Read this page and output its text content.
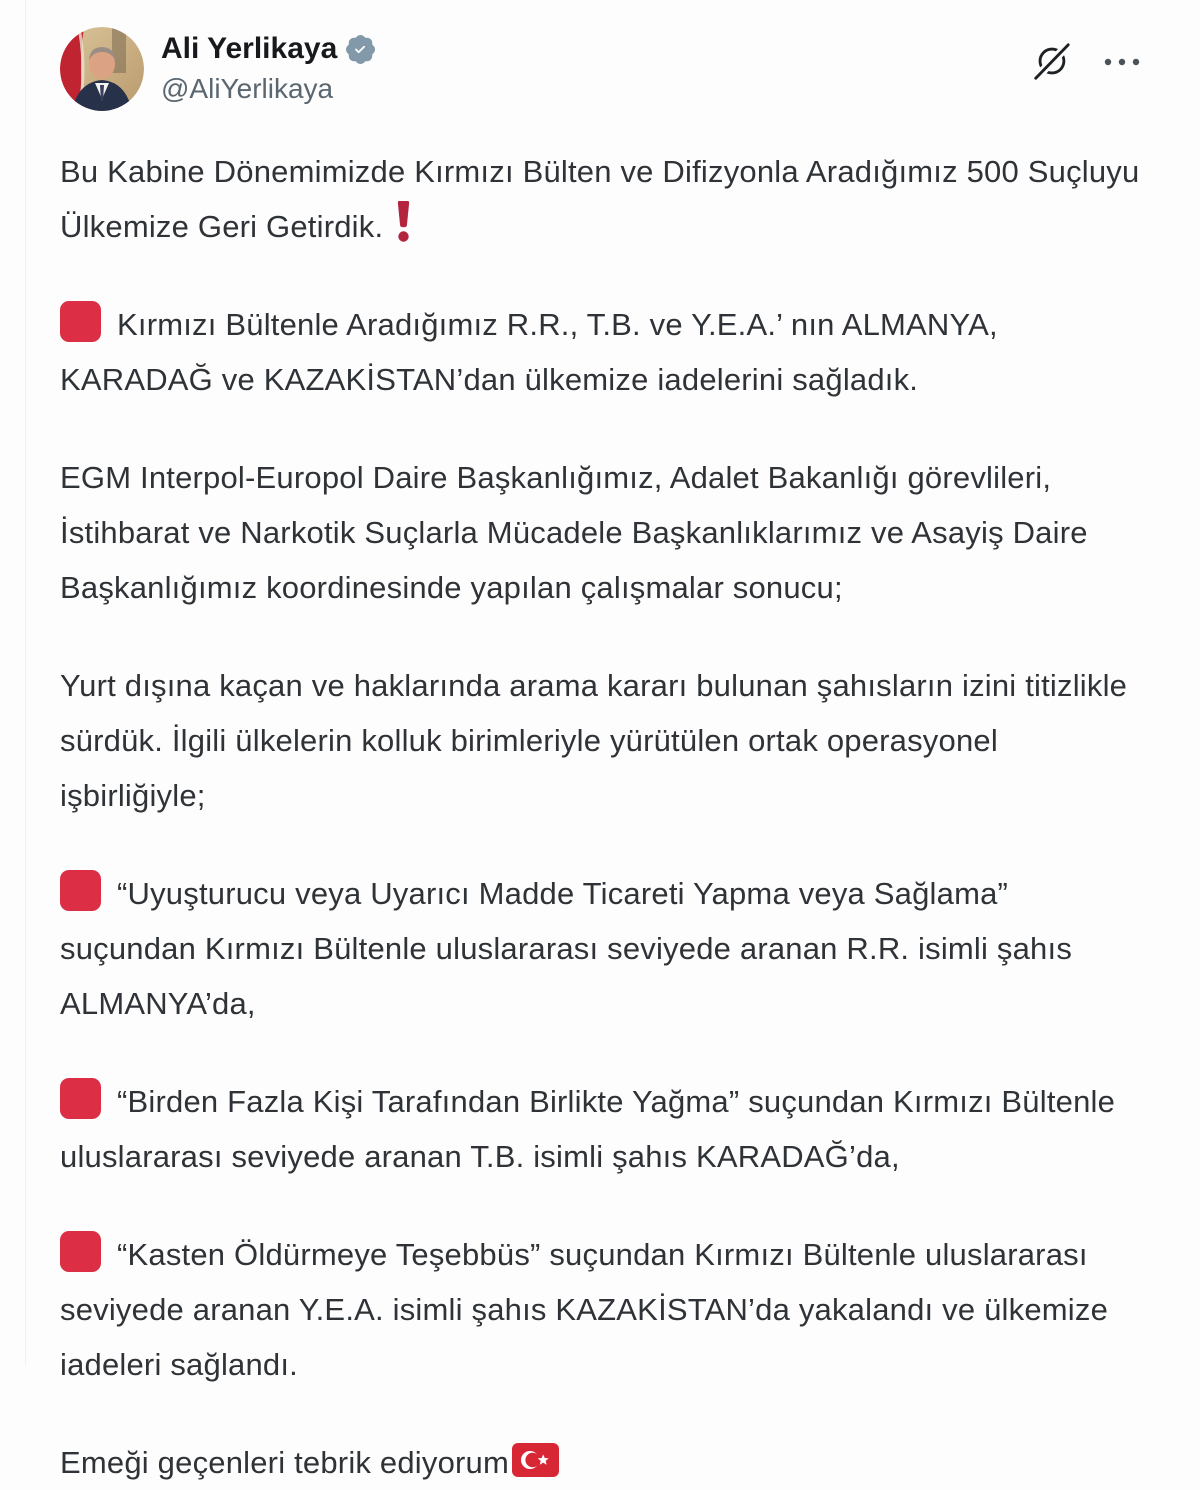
Ali Yerlikaya
@AliYerlikaya

Bu Kabine Dönemimizde Kırmızı Bülten ve Difizyonla Aradığımız 500 Suçluyu Ülkemize Geri Getirdik.

Kırmızı Bültenle Aradığımız R.R., T.B. ve Y.E.A.’ nın ALMANYA, KARADAĞ ve KAZAKİSTAN’dan ülkemize iadelerini sağladık.

EGM Interpol-Europol Daire Başkanlığımız, Adalet Bakanlığı görevlileri, İstihbarat ve Narkotik Suçlarla Mücadele Başkanlıklarımız ve Asayiş Daire Başkanlığımız koordinesinde yapılan çalışmalar sonucu;

Yurt dışına kaçan ve haklarında arama kararı bulunan şahısların izini titizlikle sürdük. İlgili ülkelerin kolluk birimleriyle yürütülen ortak operasyonel işbirliğiyle;

“Uyuşturucu veya Uyarıcı Madde Ticareti Yapma veya Sağlama” suçundan Kırmızı Bültenle uluslararası seviyede aranan R.R. isimli şahıs ALMANYA’da,

“Birden Fazla Kişi Tarafından Birlikte Yağma” suçundan Kırmızı Bültenle uluslararası seviyede aranan T.B. isimli şahıs KARADAĞ’da,

“Kasten Öldürmeye Teşebbüs” suçundan Kırmızı Bültenle uluslararası seviyede aranan Y.E.A. isimli şahıs KAZAKİSTAN’da yakalandı ve ülkemize iadeleri sağlandı.

Emeği geçenleri tebrik ediyorum
